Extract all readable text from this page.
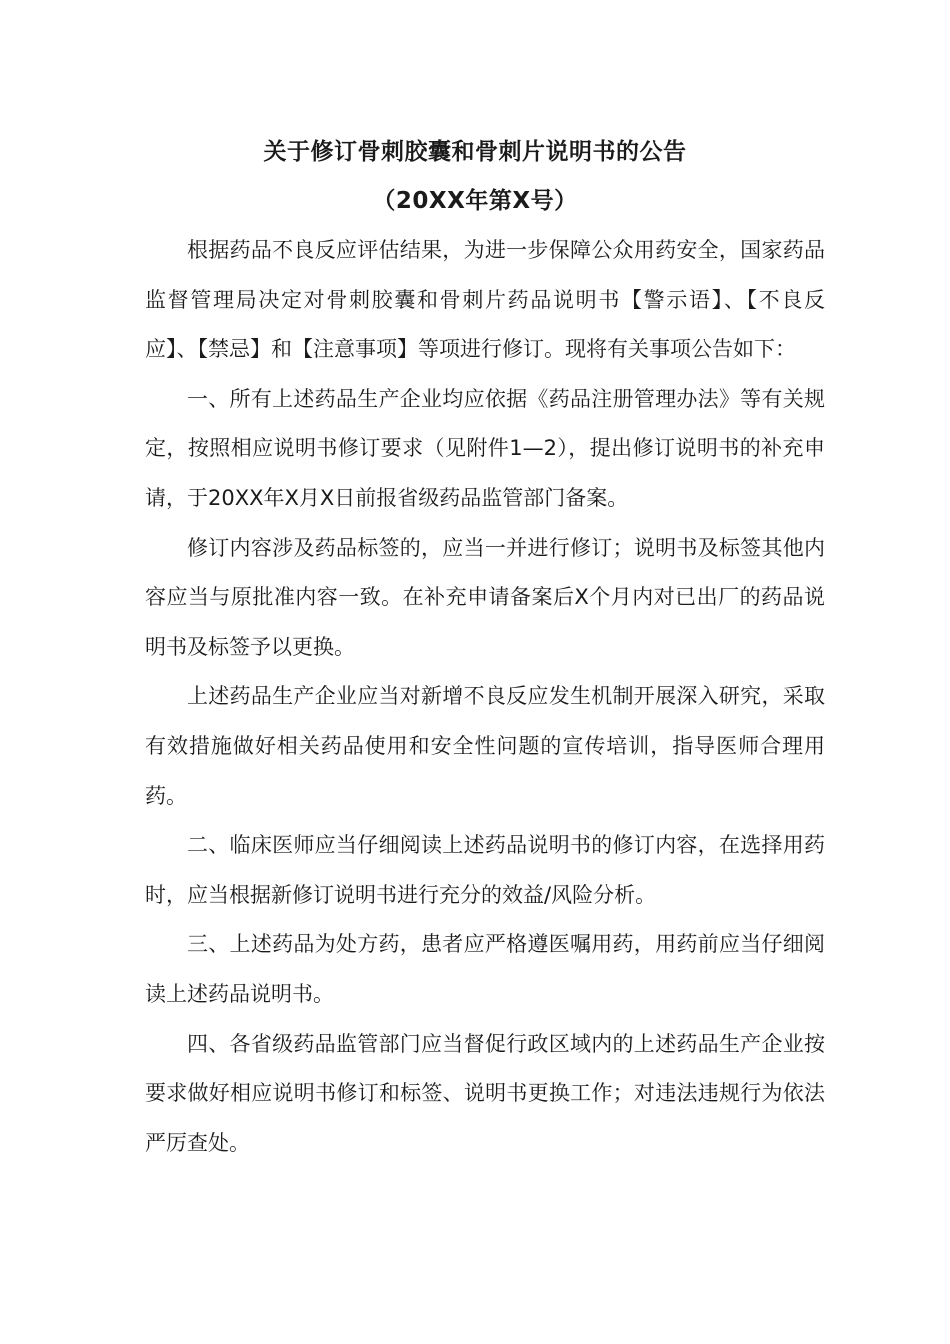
关于修订骨刺胶囊和骨刺片说明书的公告
（20XX年第X号）

根据药品不良反应评估结果，为进一步保障公众用药安全，国家药品监督管理局决定对骨刺胶囊和骨刺片药品说明书【警示语】、【不良反应】、【禁忌】和【注意事项】等项进行修订。现将有关事项公告如下：

一、所有上述药品生产企业均应依据《药品注册管理办法》等有关规定，按照相应说明书修订要求（见附件1—2），提出修订说明书的补充申请，于20XX年X月X日前报省级药品监管部门备案。

修订内容涉及药品标签的，应当一并进行修订；说明书及标签其他内容应当与原批准内容一致。在补充申请备案后X个月内对已出厂的药品说明书及标签予以更换。

上述药品生产企业应当对新增不良反应发生机制开展深入研究，采取有效措施做好相关药品使用和安全性问题的宣传培训，指导医师合理用药。

二、临床医师应当仔细阅读上述药品说明书的修订内容，在选择用药时，应当根据新修订说明书进行充分的效益/风险分析。

三、上述药品为处方药，患者应严格遵医嘱用药，用药前应当仔细阅读上述药品说明书。

四、各省级药品监管部门应当督促行政区域内的上述药品生产企业按要求做好相应说明书修订和标签、说明书更换工作；对违法违规行为依法严厉查处。
